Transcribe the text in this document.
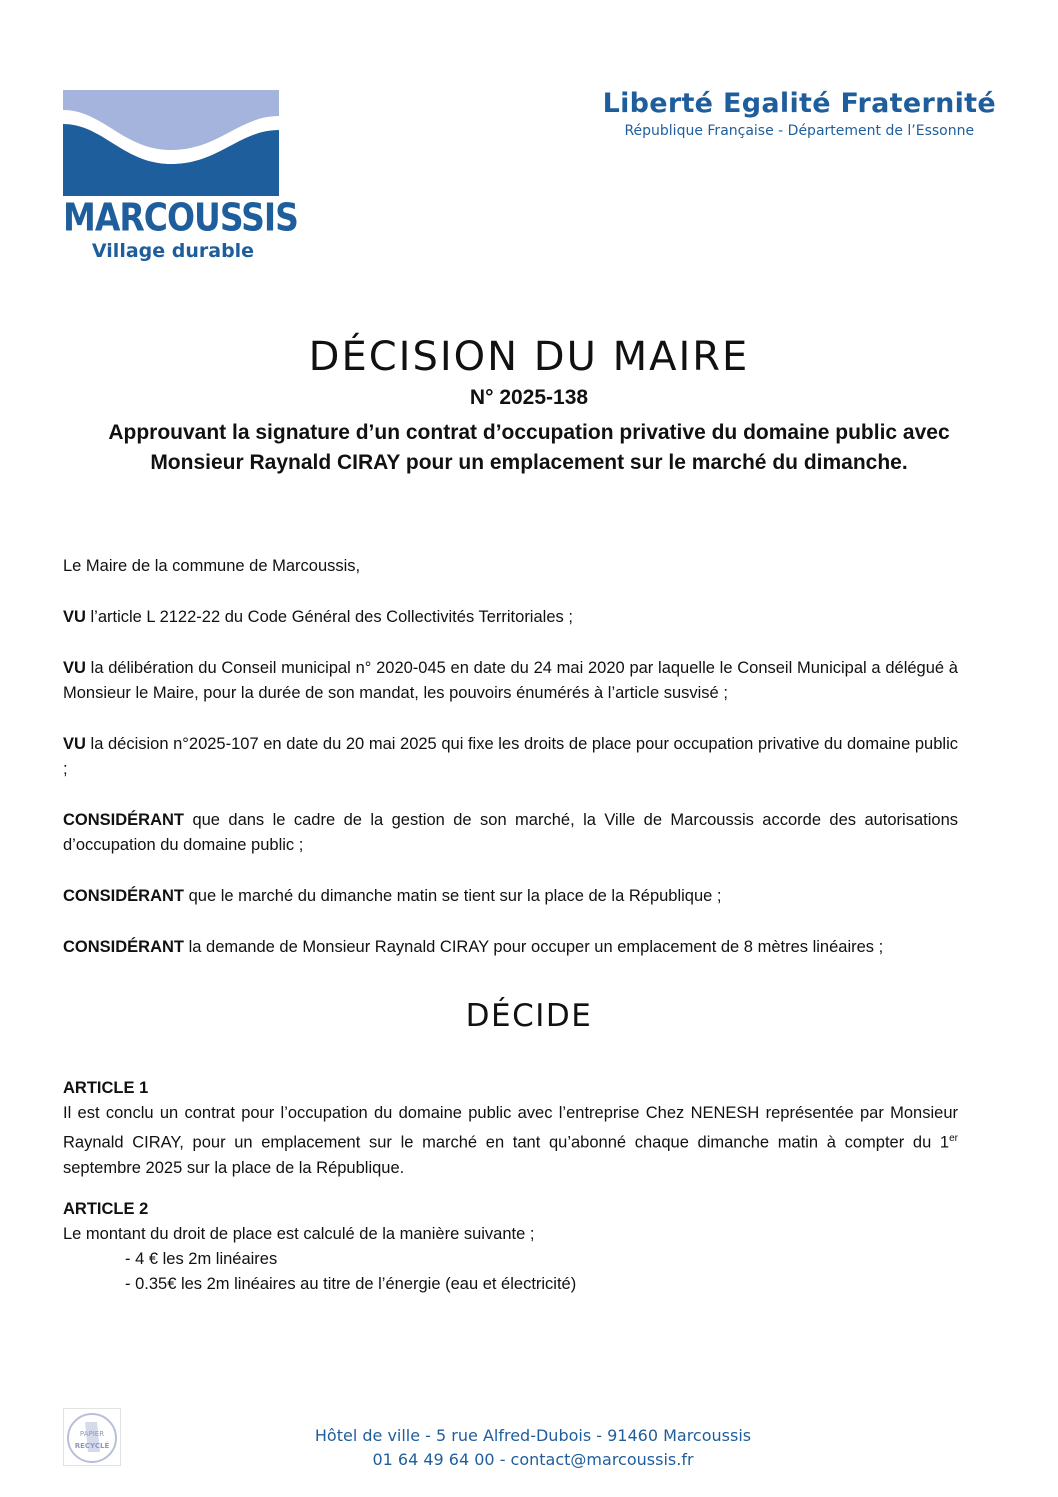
MARCOUSSIS
Village durable
Liberté Egalité Fraternité
République Française - Département de l’Essonne
DÉCISION DU MAIRE
N° 2025-138
Approuvant la signature d’un contrat d’occupation privative du domaine public avec
Monsieur Raynald CIRAY pour un emplacement sur le marché du dimanche.

Le Maire de la commune de Marcoussis,

VU l’article L 2122-22 du Code Général des Collectivités Territoriales ;

VU la délibération du Conseil municipal n° 2020-045 en date du 24 mai 2020 par laquelle le Conseil Municipal a délégué à Monsieur le Maire, pour la durée de son mandat, les pouvoirs énumérés à l’article susvisé ;

VU la décision n°2025-107 en date du 20 mai 2025 qui fixe les droits de place pour occupation privative du domaine public ;

CONSIDÉRANT que dans le cadre de la gestion de son marché, la Ville de Marcoussis accorde des autorisations d’occupation du domaine public ;

CONSIDÉRANT que le marché du dimanche matin se tient sur la place de la République ;

CONSIDÉRANT la demande de Monsieur Raynald CIRAY pour occuper un emplacement de 8 mètres linéaires ;

DÉCIDE
ARTICLE 1

Il est conclu un contrat pour l’occupation du domaine public avec l’entreprise Chez NENESH représentée par Monsieur Raynald CIRAY, pour un emplacement sur le marché en tant qu’abonné chaque dimanche matin à compter du 1er septembre 2025 sur la place de la République.

ARTICLE 2
Le montant du droit de place est calculé de la manière suivante ;
- 4 € les 2m linéaires
- 0.35€ les 2m linéaires au titre de l’énergie (eau et électricité)
PAPIER
RECYCLÉ
Hôtel de ville - 5 rue Alfred-Dubois - 91460 Marcoussis
01 64 49 64 00 - contact@marcoussis.fr
